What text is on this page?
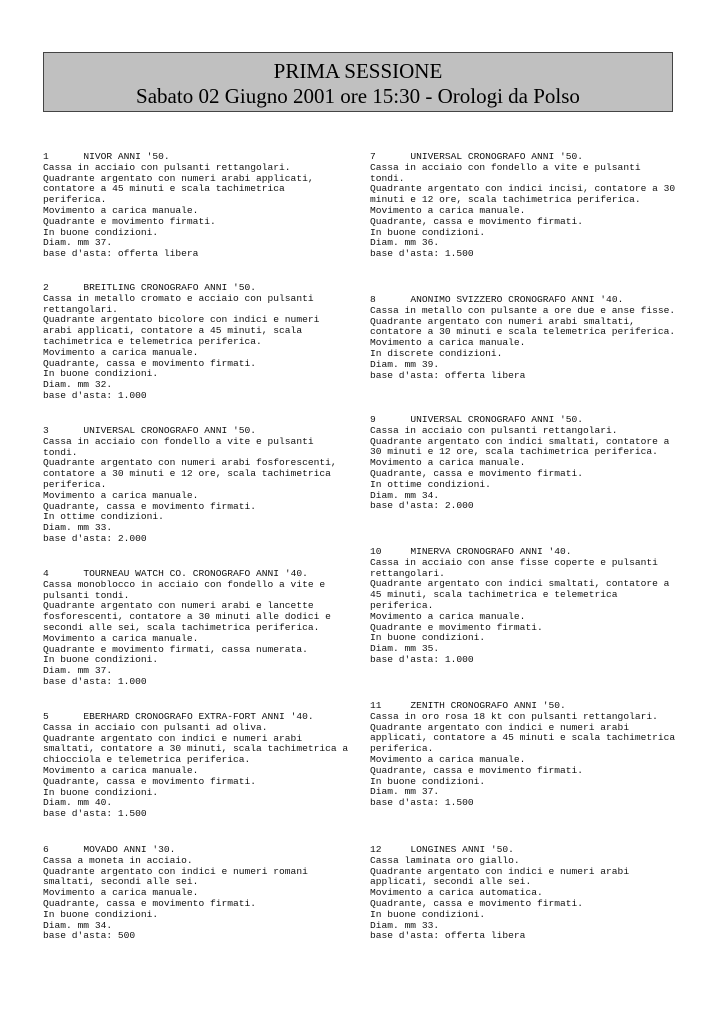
PRIMA SESSIONE
Sabato 02 Giugno 2001 ore 15:30 - Orologi da Polso
1	NIVOR ANNI '50.
Cassa in acciaio con pulsanti rettangolari.
Quadrante argentato con numeri arabi applicati,
contatore a 45 minuti e scala tachimetrica
periferica.
Movimento a carica manuale.
Quadrante e movimento firmati.
In buone condizioni.
Diam. mm 37.
base d'asta: offerta libera
2	BREITLING CRONOGRAFO ANNI '50.
Cassa in metallo cromato e acciaio con pulsanti
rettangolari.
Quadrante argentato bicolore con indici e numeri
arabi applicati, contatore a 45 minuti, scala
tachimetrica e telemetrica periferica.
Movimento a carica manuale.
Quadrante, cassa e movimento firmati.
In buone condizioni.
Diam. mm 32.
base d'asta: 1.000
3	UNIVERSAL CRONOGRAFO ANNI '50.
Cassa in acciaio con fondello a vite e pulsanti
tondi.
Quadrante argentato con numeri arabi fosforescenti,
contatore a 30 minuti e 12 ore, scala tachimetrica
periferica.
Movimento a carica manuale.
Quadrante, cassa e movimento firmati.
In ottime condizioni.
Diam. mm 33.
base d'asta: 2.000
4	TOURNEAU WATCH CO. CRONOGRAFO ANNI '40.
Cassa monoblocco in acciaio con fondello a vite e
pulsanti tondi.
Quadrante argentato con numeri arabi e lancette
fosforescenti, contatore a 30 minuti alle dodici e
secondi alle sei, scala tachimetrica periferica.
Movimento a carica manuale.
Quadrante e movimento firmati, cassa numerata.
In buone condizioni.
Diam. mm 37.
base d'asta: 1.000
5	EBERHARD CRONOGRAFO EXTRA-FORT ANNI '40.
Cassa in acciaio con pulsanti ad oliva.
Quadrante argentato con indici e numeri arabi
smaltati, contatore a 30 minuti, scala tachimetrica a
chiocciola e telemetrica periferica.
Movimento a carica manuale.
Quadrante, cassa e movimento firmati.
In buone condizioni.
Diam. mm 40.
base d'asta: 1.500
6	MOVADO ANNI '30.
Cassa a moneta in acciaio.
Quadrante argentato con indici e numeri romani
smaltati, secondi alle sei.
Movimento a carica manuale.
Quadrante, cassa e movimento firmati.
In buone condizioni.
Diam. mm 34.
base d'asta: 500
7	UNIVERSAL CRONOGRAFO ANNI '50.
Cassa in acciaio con fondello a vite e pulsanti
tondi.
Quadrante argentato con indici incisi, contatore a 30
minuti e 12 ore, scala tachimetrica periferica.
Movimento a carica manuale.
Quadrante, cassa e movimento firmati.
In buone condizioni.
Diam. mm 36.
base d'asta: 1.500
8	ANONIMO SVIZZERO CRONOGRAFO ANNI '40.
Cassa in metallo con pulsante a ore due e anse fisse.
Quadrante argentato con numeri arabi smaltati,
contatore a 30 minuti e scala telemetrica periferica.
Movimento a carica manuale.
In discrete condizioni.
Diam. mm 39.
base d'asta: offerta libera
9	UNIVERSAL CRONOGRAFO ANNI '50.
Cassa in acciaio con pulsanti rettangolari.
Quadrante argentato con indici smaltati, contatore a
30 minuti e 12 ore, scala tachimetrica periferica.
Movimento a carica manuale.
Quadrante, cassa e movimento firmati.
In ottime condizioni.
Diam. mm 34.
base d'asta: 2.000
10	MINERVA CRONOGRAFO ANNI '40.
Cassa in acciaio con anse fisse coperte e pulsanti
rettangolari.
Quadrante argentato con indici smaltati, contatore a
45 minuti, scala tachimetrica e telemetrica
periferica.
Movimento a carica manuale.
Quadrante e movimento firmati.
In buone condizioni.
Diam. mm 35.
base d'asta: 1.000
11	ZENITH CRONOGRAFO ANNI '50.
Cassa in oro rosa 18 kt con pulsanti rettangolari.
Quadrante argentato con indici e numeri arabi
applicati, contatore a 45 minuti e scala tachimetrica
periferica.
Movimento a carica manuale.
Quadrante, cassa e movimento firmati.
In buone condizioni.
Diam. mm 37.
base d'asta: 1.500
12	LONGINES ANNI '50.
Cassa laminata oro giallo.
Quadrante argentato con indici e numeri arabi
applicati, secondi alle sei.
Movimento a carica automatica.
Quadrante, cassa e movimento firmati.
In buone condizioni.
Diam. mm 33.
base d'asta: offerta libera
